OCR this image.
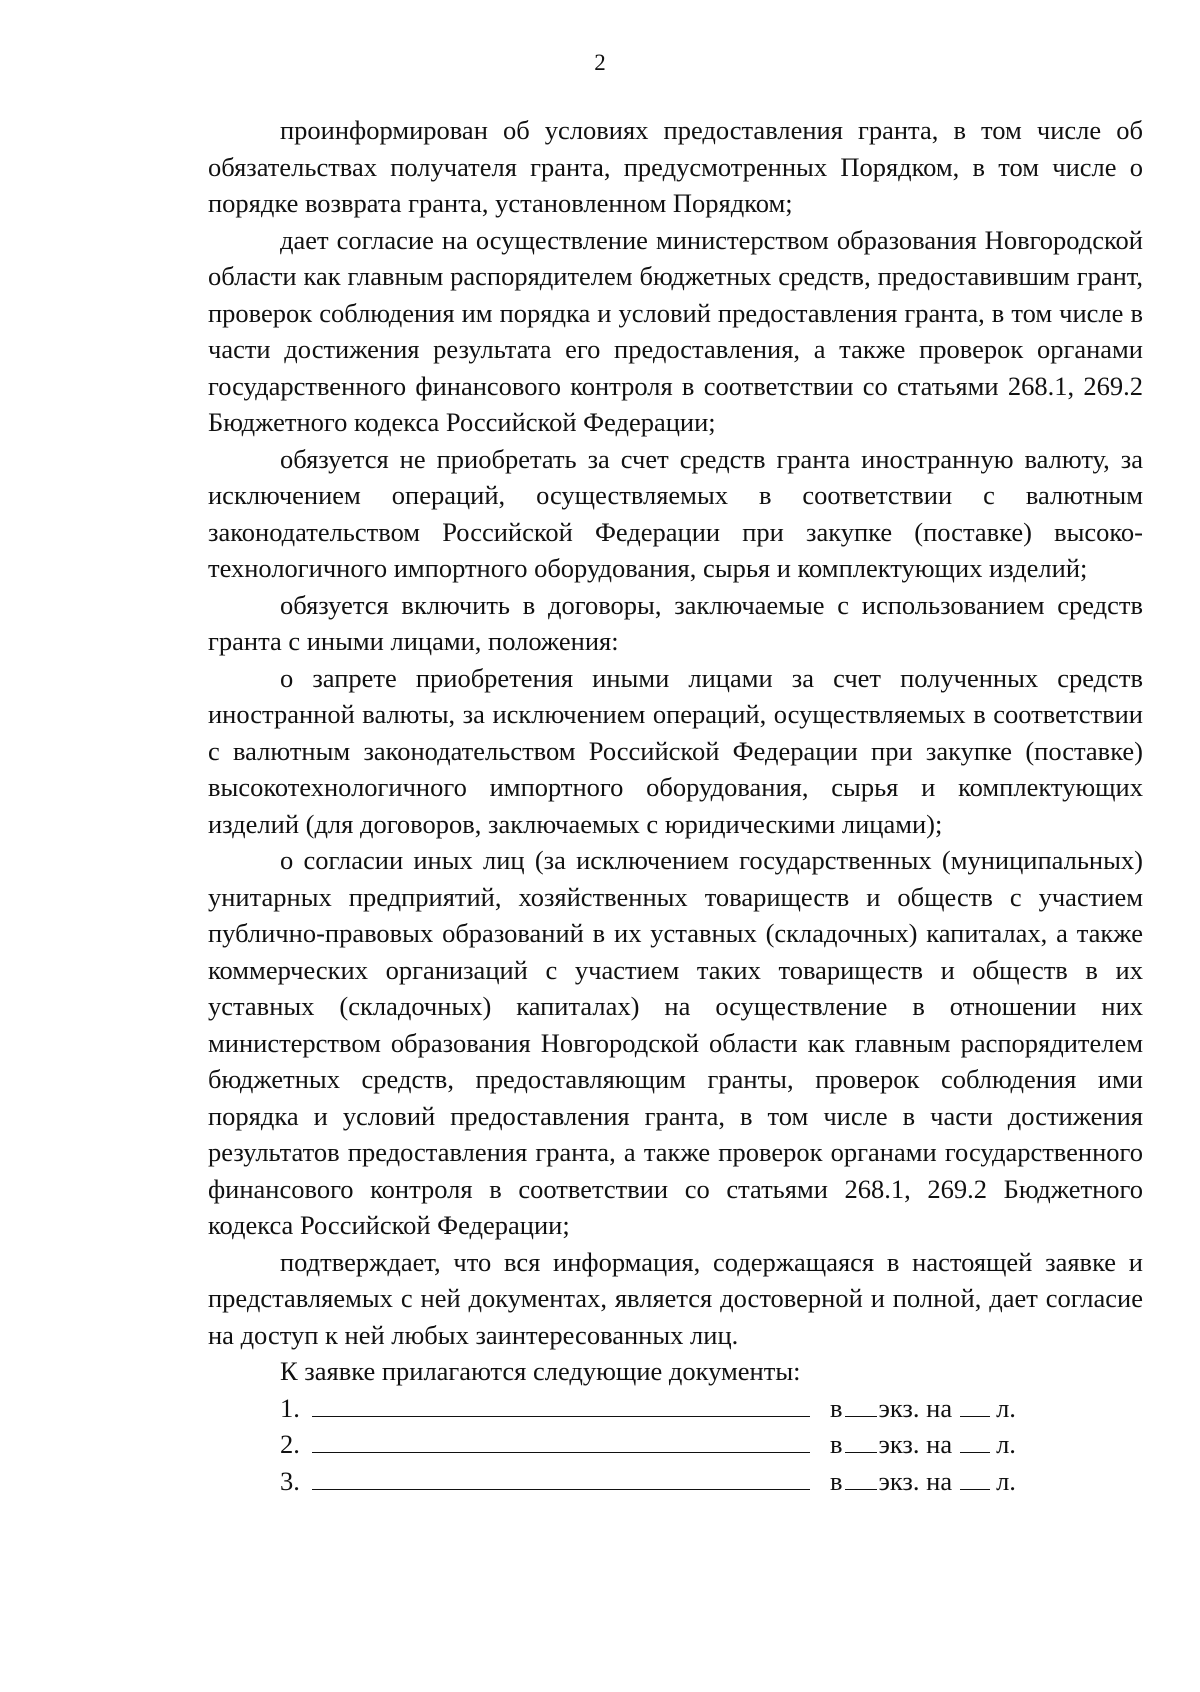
2

проинформирован об условиях предоставления гранта, в том числе об обязательствах получателя гранта, предусмотренных Порядком, в том числе о порядке возврата гранта, установленном Порядком;

дает согласие на осуществление министерством образования Новгородской области как главным распорядителем бюджетных средств, предоставившим грант, проверок соблюдения им порядка и условий предоставления гранта, в том числе в части достижения результата его предоставления, а также проверок органами государственного финансового контроля в соответствии со статьями 268.1, 269.2 Бюджетного кодекса Российской Федерации;

обязуется не приобретать за счет средств гранта иностранную валюту, за исключением операций, осуществляемых в соответствии с валютным законодательством Российской Федерации при закупке (поставке) высоко-технологичного импортного оборудования, сырья и комплектующих изделий;

обязуется включить в договоры, заключаемые с использованием средств гранта с иными лицами, положения:

о запрете приобретения иными лицами за счет полученных средств иностранной валюты, за исключением операций, осуществляемых в соответствии с валютным законодательством Российской Федерации при закупке (поставке) высокотехнологичного импортного оборудования, сырья и комплектующих изделий (для договоров, заключаемых с юридическими лицами);

о согласии иных лиц (за исключением государственных (муниципальных) унитарных предприятий, хозяйственных товариществ и обществ с участием публично-правовых образований в их уставных (складочных) капиталах, а также коммерческих организаций с участием таких товариществ и обществ в их уставных (складочных) капиталах) на осуществление в отношении них министерством образования Новгородской области как главным распорядителем бюджетных средств, предоставляющим гранты, проверок соблюдения ими порядка и условий предоставления гранта, в том числе в части достижения результатов предоставления гранта, а также проверок органами государственного финансового контроля в соответствии со статьями 268.1, 269.2 Бюджетного кодекса Российской Федерации;

подтверждает, что вся информация, содержащаяся в настоящей заявке и представляемых с ней документах, является достоверной и полной, дает согласие на доступ к ней любых заинтересованных лиц.

К заявке прилагаются следующие документы:

1.	в экз. на л.
2.	в экз. на л.
3.	в экз. на л.
